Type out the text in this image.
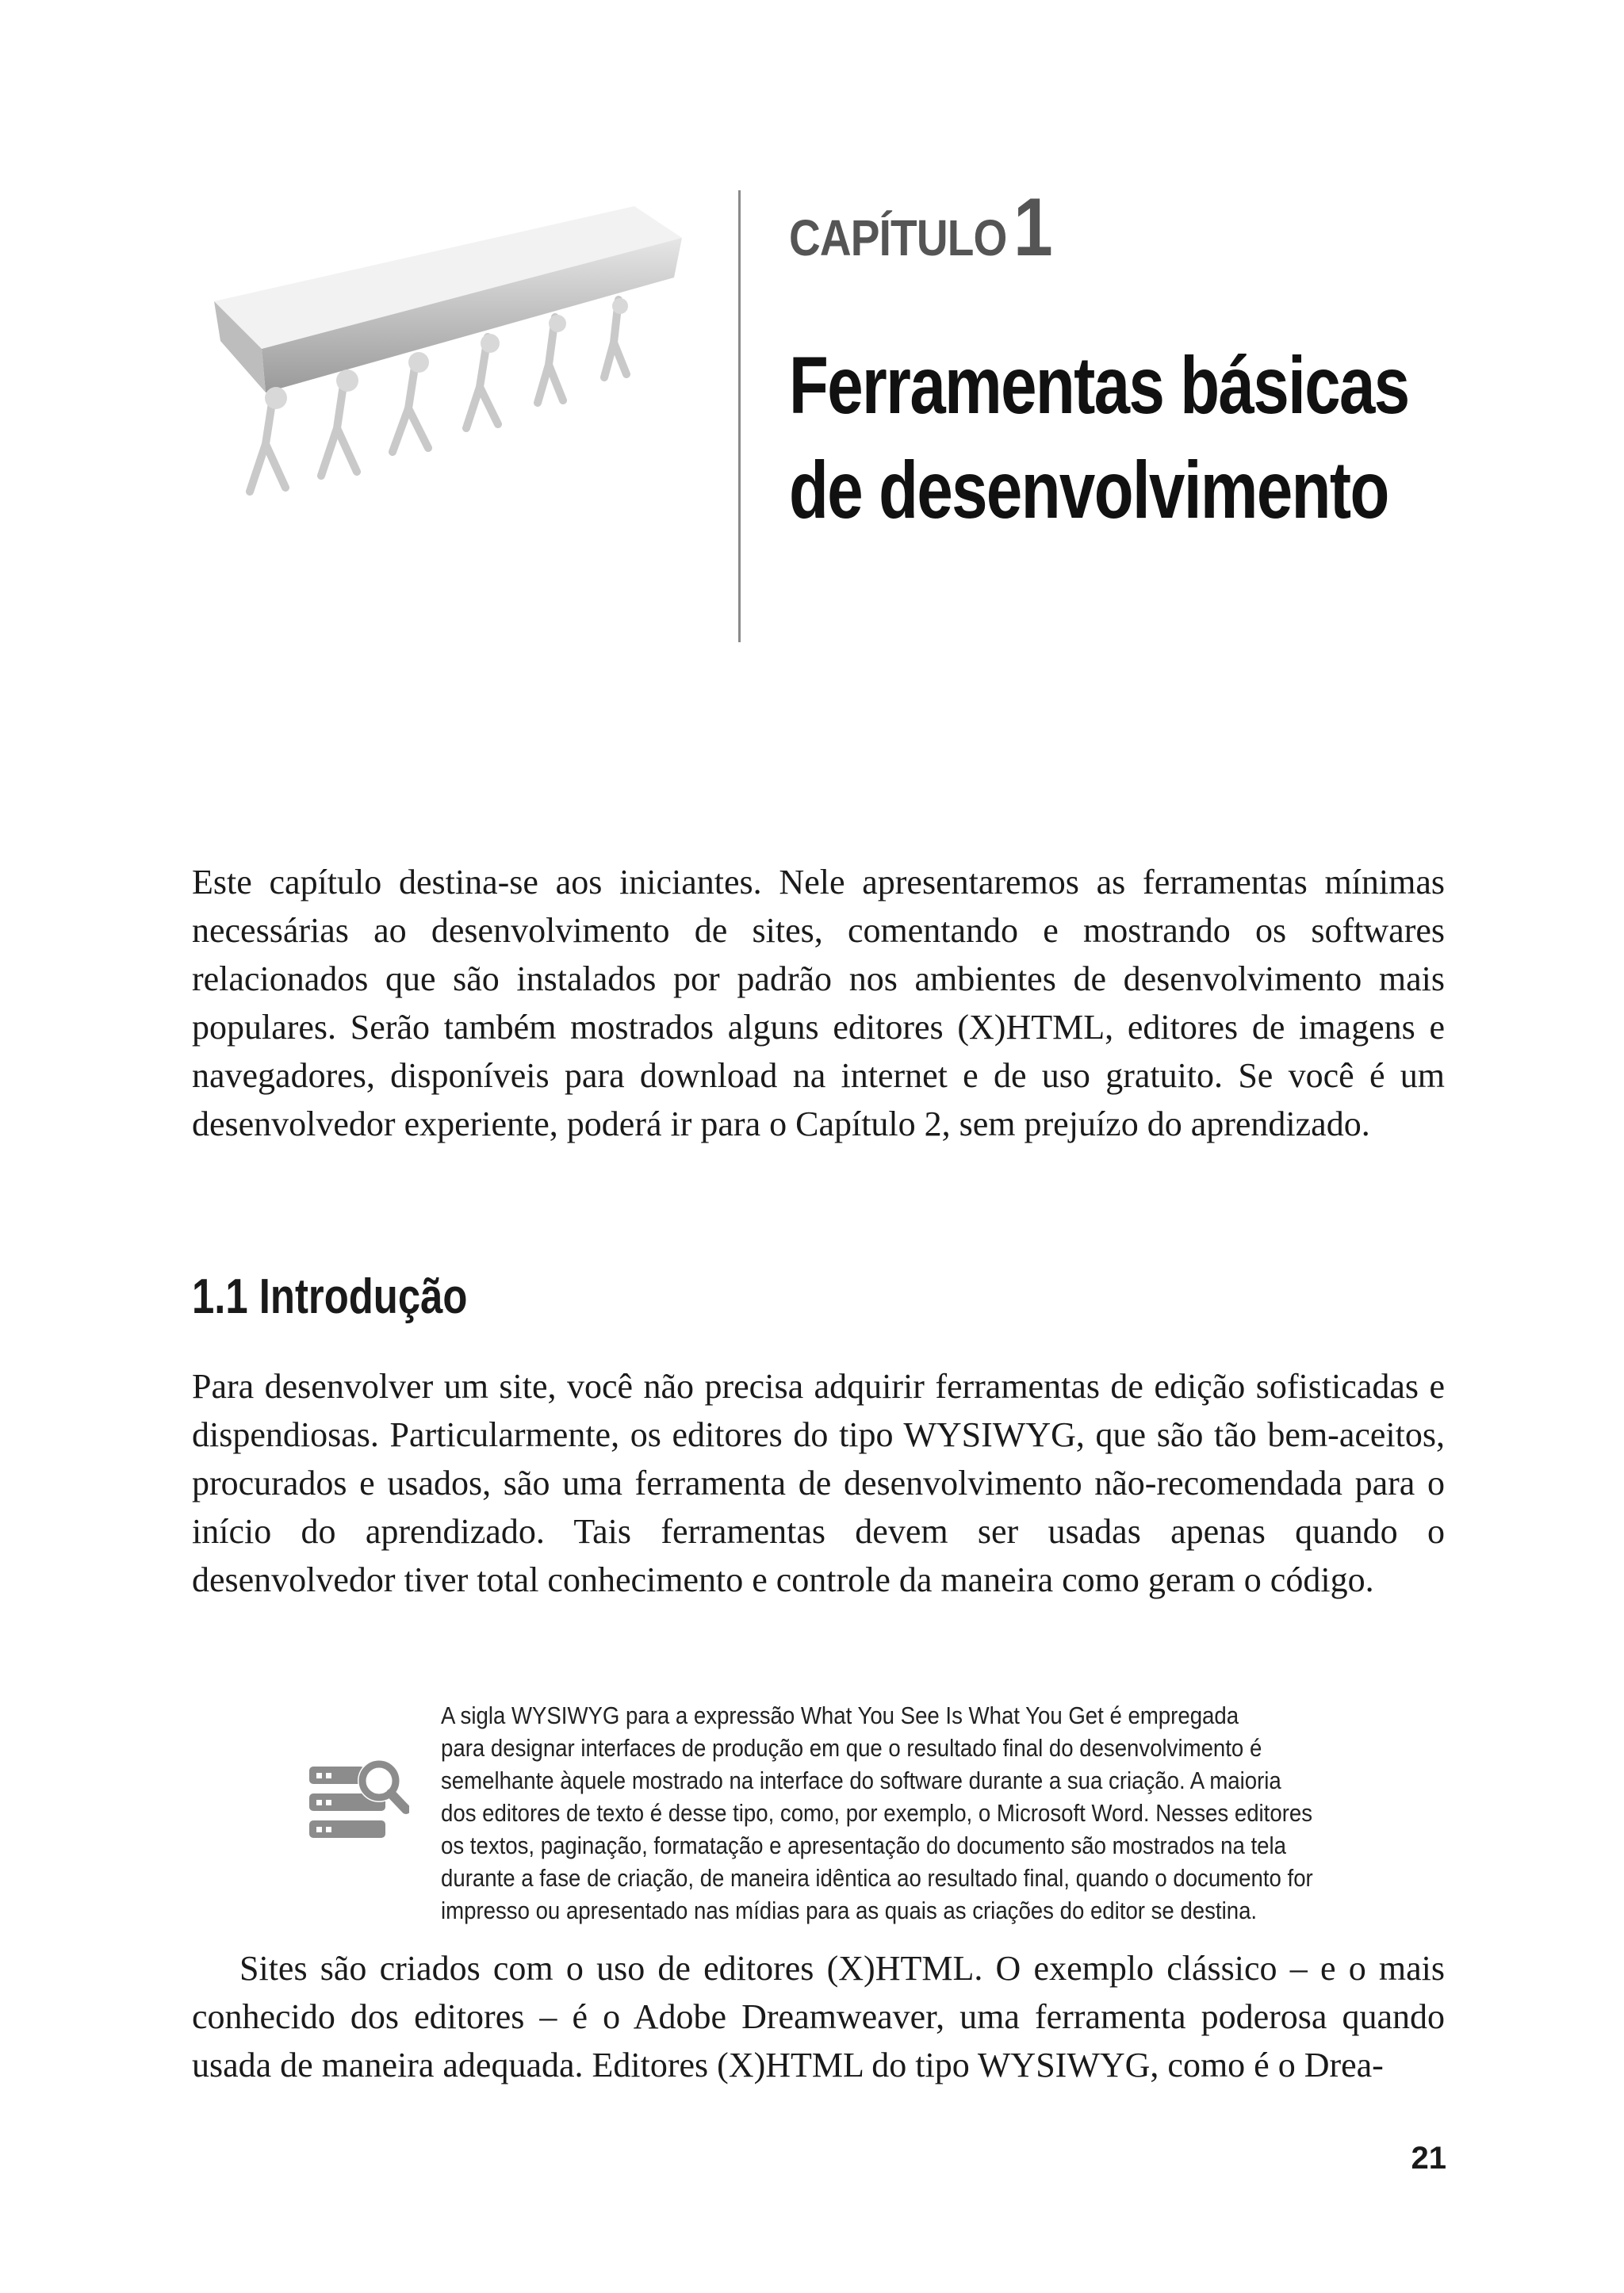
CAPÍTULO1
Ferramentas básicas
de desenvolvimento

Este capítulo destina-se aos iniciantes. Nele apresentaremos as ferramentas mínimas necessárias ao desenvolvimento de sites, comentando e mostrando os softwares relacionados que são instalados por padrão nos ambientes de desenvolvimento mais populares. Serão também mostrados alguns editores (X)HTML, editores de imagens e navegadores, disponíveis para download na internet e de uso gratuito. Se você é um desenvolvedor experiente, poderá ir para o Capítulo 2, sem prejuízo do aprendizado.

1.1 Introdução

Para desenvolver um site, você não precisa adquirir ferramentas de edição sofisticadas e dispendiosas. Particularmente, os editores do tipo WYSIWYG, que são tão bem-aceitos, procurados e usados, são uma ferramenta de desenvolvimento não-recomendada para o início do aprendizado. Tais ferramentas devem ser usadas apenas quando o desenvolvedor tiver total conhecimento e controle da maneira como geram o código.

A sigla WYSIWYG para a expressão What You See Is What You Get é empregada
para designar interfaces de produção em que o resultado final do desenvolvimento é
semelhante àquele mostrado na interface do software durante a sua criação. A maioria
dos editores de texto é desse tipo, como, por exemplo, o Microsoft Word. Nesses editores
os textos, paginação, formatação e apresentação do documento são mostrados na tela
durante a fase de criação, de maneira idêntica ao resultado final, quando o documento for
impresso ou apresentado nas mídias para as quais as criações do editor se destina.

Sites são criados com o uso de editores (X)HTML. O exemplo clássico – e o mais conhecido dos editores – é o Adobe Dreamweaver, uma ferramenta poderosa quando usada de maneira adequada. Editores (X)HTML do tipo WYSIWYG, como é o Drea-

21
